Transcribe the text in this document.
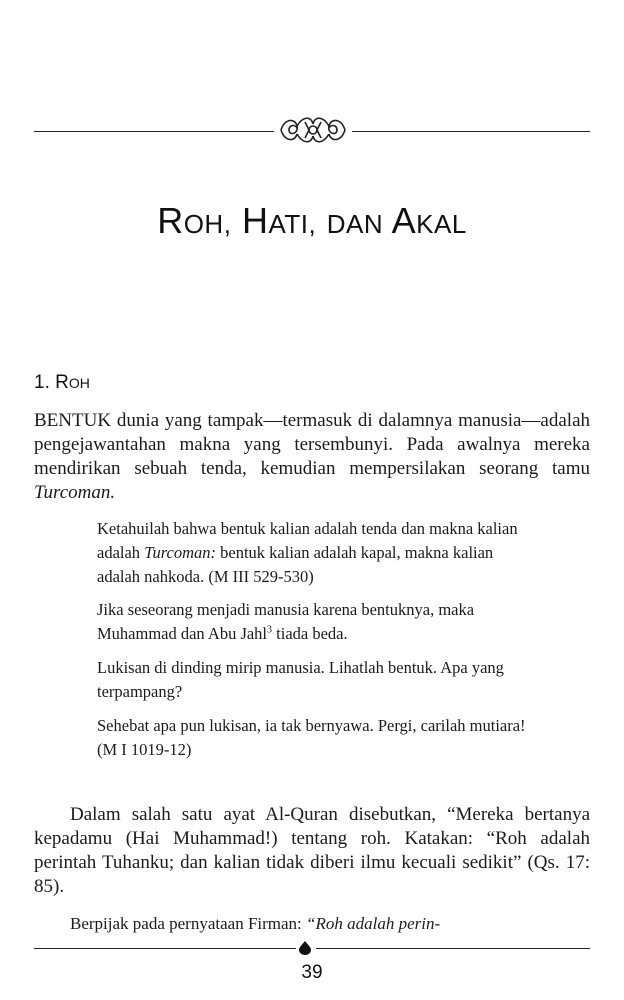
ROH, HATI, DAN AKAL
1. ROH

BENTUK dunia yang tampak—termasuk di dalamnya manusia—adalah pengejawantahan makna yang tersembunyi. Pada awalnya mereka mendirikan sebuah tenda, kemudian mempersilakan seorang tamu Turcoman.

Ketahuilah bahwa bentuk kalian adalah tenda dan makna kalian adalah Turcoman: bentuk kalian adalah kapal, makna kalian adalah nahkoda. (M III 529-530)

Jika seseorang menjadi manusia karena bentuknya, maka Muhammad dan Abu Jahl$^3$ tiada beda.

Lukisan di dinding mirip manusia. Lihatlah bentuk. Apa yang terpampang?

Sehebat apa pun lukisan, ia tak bernyawa. Pergi, carilah mutiara! (M I 1019-12)

Dalam salah satu ayat Al-Quran disebutkan, “Mereka bertanya kepadamu (Hai Muhammad!) tentang roh. Katakan: “Roh adalah perintah Tuhanku; dan kalian tidak diberi ilmu kecuali sedikit” (Qs. 17: 85).

Berpijak pada pernyataan Firman: “Roh adalah perin-

39
